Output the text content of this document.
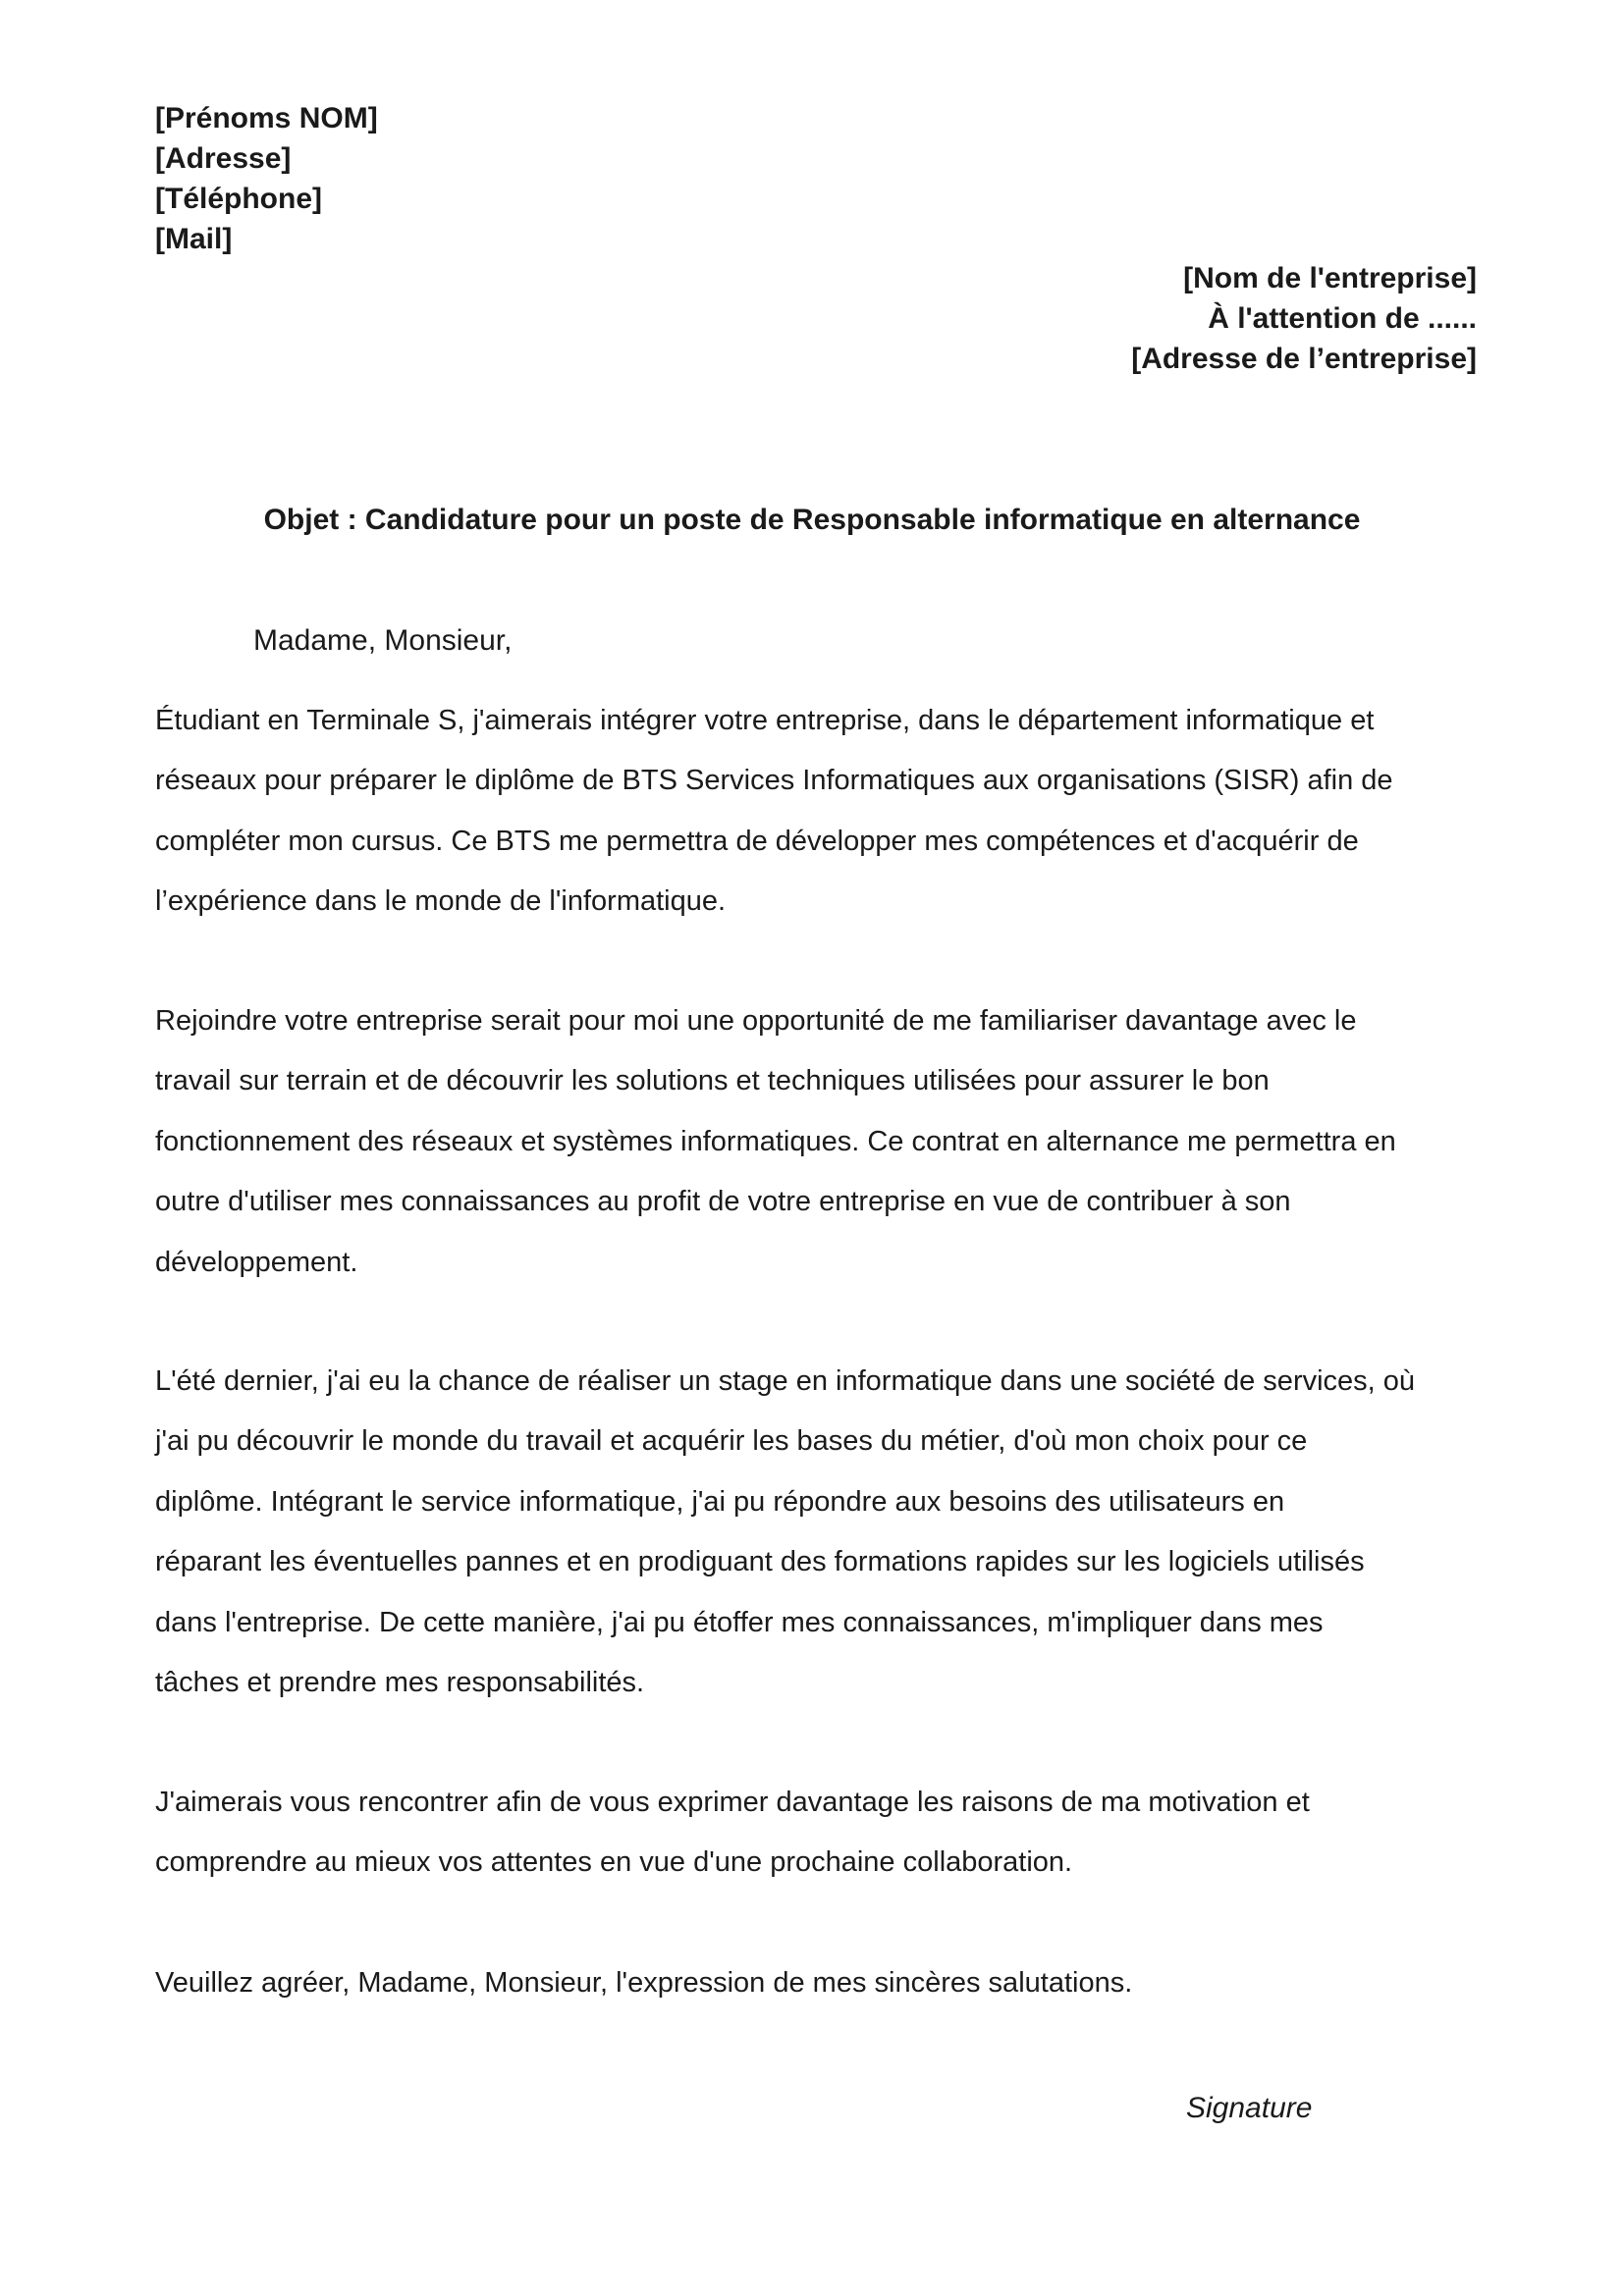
[Prénoms NOM]
[Adresse]
[Téléphone]
[Mail]
[Nom de l'entreprise]
À l'attention de ......
[Adresse de l’entreprise]
Objet : Candidature pour un poste de Responsable informatique en alternance
Madame, Monsieur,
Étudiant en Terminale S, j'aimerais intégrer votre entreprise, dans le département informatique et
réseaux pour préparer le diplôme de BTS Services Informatiques aux organisations (SISR) afin de
compléter mon cursus. Ce BTS me permettra de développer mes compétences et d'acquérir de
l’expérience dans le monde de l'informatique.
Rejoindre votre entreprise serait pour moi une opportunité de me familiariser davantage avec le
travail sur terrain et de découvrir les solutions et techniques utilisées pour assurer le bon
fonctionnement des réseaux et systèmes informatiques. Ce contrat en alternance me permettra en
outre d'utiliser mes connaissances au profit de votre entreprise en vue de contribuer à son
développement.
L'été dernier, j'ai eu la chance de réaliser un stage en informatique dans une société de services, où
j'ai pu découvrir le monde du travail et acquérir les bases du métier, d'où mon choix pour ce
diplôme. Intégrant le service informatique, j'ai pu répondre aux besoins des utilisateurs en
réparant les éventuelles pannes et en prodiguant des formations rapides sur les logiciels utilisés
dans l'entreprise. De cette manière, j'ai pu étoffer mes connaissances, m'impliquer dans mes
tâches et prendre mes responsabilités.
J'aimerais vous rencontrer afin de vous exprimer davantage les raisons de ma motivation et
comprendre au mieux vos attentes en vue d'une prochaine collaboration.
Veuillez agréer, Madame, Monsieur, l'expression de mes sincères salutations.
Signature
